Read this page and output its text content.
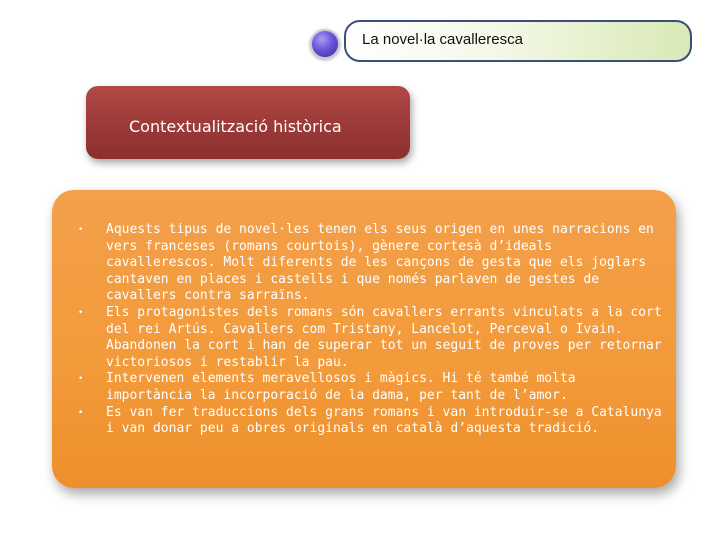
La novel·la cavalleresca
Contextualització històrica
• Aquests tipus de novel·les tenen els seus origen en unes narracions en vers franceses (romans courtois), gènere cortesà d’ideals cavallerescos. Molt diferents de les cançons de gesta que els joglars cantaven en places i castells i que només parlaven de gestes de cavallers contra sarraïns.
• Els protagonistes dels romans són cavallers errants vinculats a la cort del rei Artús. Cavallers com Tristany, Lancelot, Perceval o Ivain. Abandonen la cort i han de superar tot un seguit de proves per retornar victoriosos i restablir la pau.
• Intervenen elements meravellosos i màgics. Hi té també molta importància la incorporació de la dama, per tant de l’amor.
• Es van fer traduccions dels grans romans i van introduir-se a Catalunya i van donar peu a obres originals en català d’aquesta tradició.
